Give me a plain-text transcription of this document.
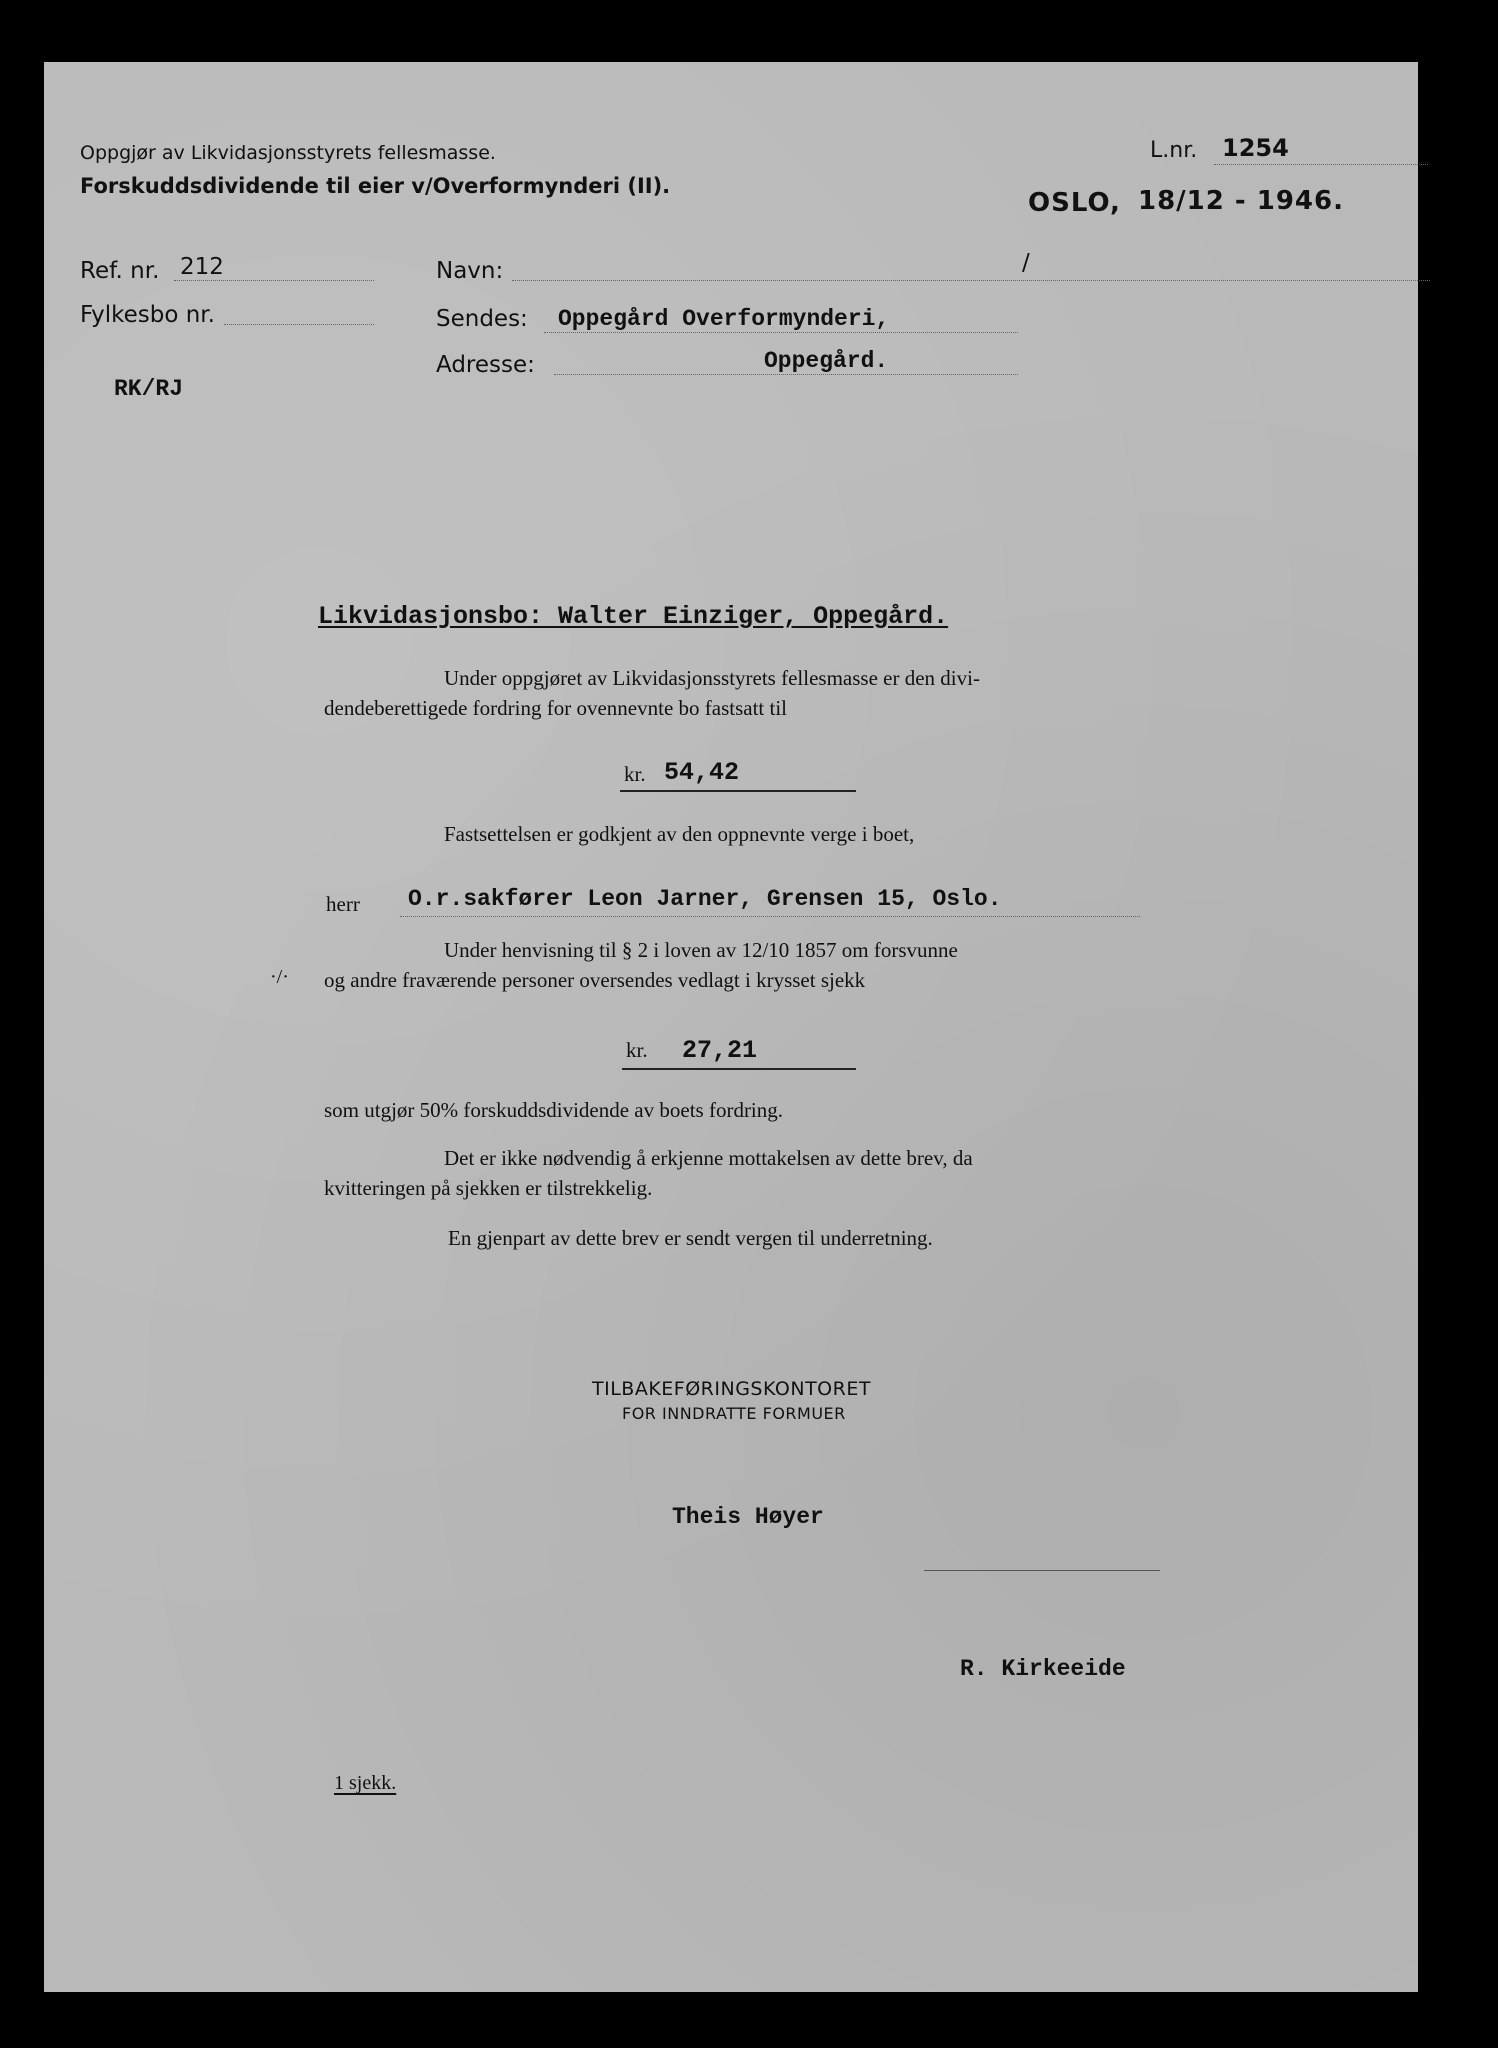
Oppgjør av Likvidasjonsstyrets fellesmasse.
Forskuddsdividende til eier v/Overformynderi (II).
L.nr. 1254
OSLO, 18/12 - 1946.
Ref. nr. 212
Fylkesbo nr.
RK/RJ
Navn:	/
Sendes: Oppegård Overformynderi,
Adresse:	Oppegård.
Likvidasjonsbo: Walter Einziger, Oppegård.
Under oppgjøret av Likvidasjonsstyrets fellesmasse er den divi-
dendeberettigede fordring for ovennevnte bo fastsatt til
kr. 54,42
Fastsettelsen er godkjent av den oppnevnte verge i boet,
herr O.r.sakfører Leon Jarner, Grensen 15, Oslo.
Under henvisning til § 2 i loven av 12/10 1857 om forsvunne
·/· og andre fraværende personer oversendes vedlagt i krysset sjekk
kr. 27,21
som utgjør 50% forskuddsdividende av boets fordring.
Det er ikke nødvendig å erkjenne mottakelsen av dette brev, da
kvitteringen på sjekken er tilstrekkelig.
En gjenpart av dette brev er sendt vergen til underretning.
TILBAKEFØRINGSKONTORET
FOR INNDRATTE FORMUER
Theis Høyer
R. Kirkeeide
1 sjekk.
